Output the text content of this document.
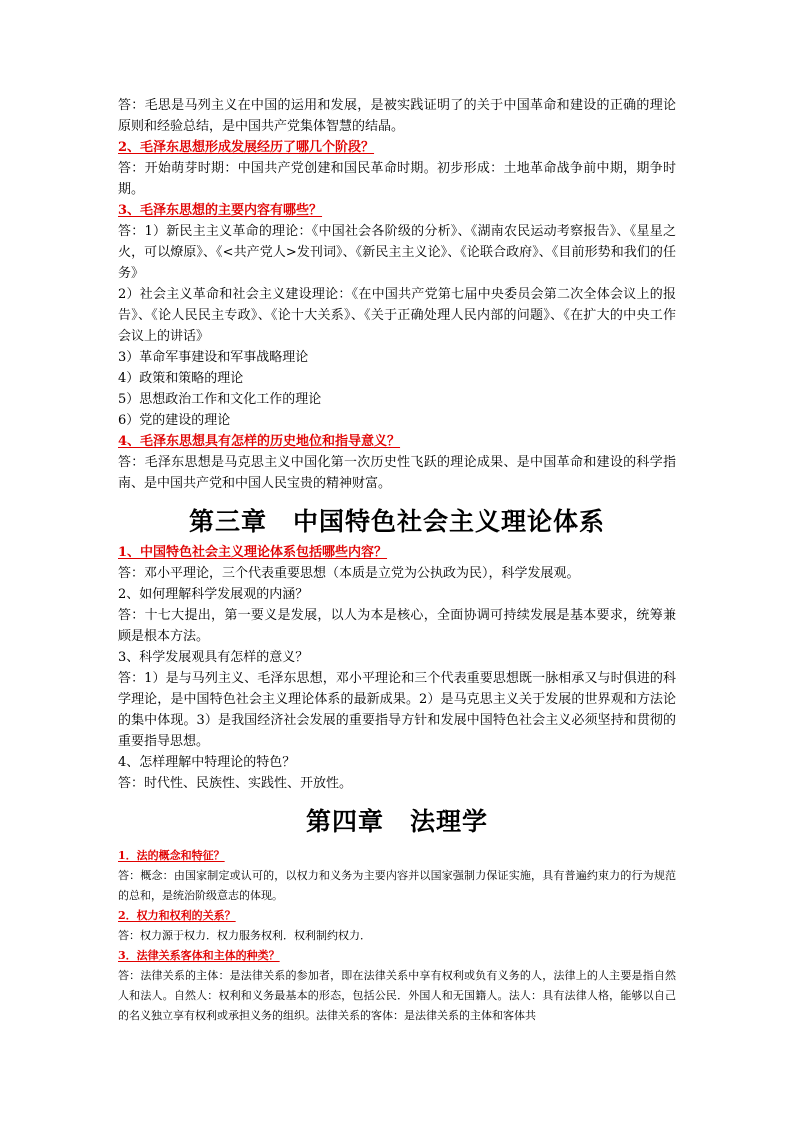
答：毛思是马列主义在中国的运用和发展，是被实践证明了的关于中国革命和建设的正确的理论原则和经验总结，是中国共产党集体智慧的结晶。

2、毛泽东思想形成发展经历了哪几个阶段？

答：开始萌芽时期：中国共产党创建和国民革命时期。初步形成：土地革命战争前中期，期争时期。

3、毛泽东思想的主要内容有哪些？

答：1）新民主主义革命的理论：《中国社会各阶级的分析》、《湖南农民运动考察报告》、《星星之火，可以燎原》、《<共产党人>发刊词》、《新民主主义论》、《论联合政府》、《目前形势和我们的任务》

2）社会主义革命和社会主义建设理论：《在中国共产党第七届中央委员会第二次全体会议上的报告》、《论人民民主专政》、《论十大关系》、《关于正确处理人民内部的问题》、《在扩大的中央工作会议上的讲话》

3）革命军事建设和军事战略理论

4）政策和策略的理论

5）思想政治工作和文化工作的理论

6）党的建设的理论

4、毛泽东思想具有怎样的历史地位和指导意义？

答：毛泽东思想是马克思主义中国化第一次历史性飞跃的理论成果、是中国革命和建设的科学指南、是中国共产党和中国人民宝贵的精神财富。

第三章　中国特色社会主义理论体系

1、中国特色社会主义理论体系包括哪些内容？

答：邓小平理论，三个代表重要思想（本质是立党为公执政为民），科学发展观。

2、如何理解科学发展观的内涵？

答：十七大提出，第一要义是发展，以人为本是核心，全面协调可持续发展是基本要求，统筹兼顾是根本方法。

3、科学发展观具有怎样的意义？

答：1）是与马列主义、毛泽东思想，邓小平理论和三个代表重要思想既一脉相承又与时俱进的科学理论，是中国特色社会主义理论体系的最新成果。2）是马克思主义关于发展的世界观和方法论的集中体现。3）是我国经济社会发展的重要指导方针和发展中国特色社会主义必须坚持和贯彻的重要指导思想。

4、怎样理解中特理论的特色？

答：时代性、民族性、实践性、开放性。

第四章　法理学

1．法的概念和特征？

答：概念：由国家制定或认可的，以权力和义务为主要内容并以国家强制力保证实施，具有普遍约束力的行为规范的总和，是统治阶级意志的体现。

2．权力和权利的关系？

答：权力源于权力．权力服务权利．权利制约权力．

3．法律关系客体和主体的种类？

答：法律关系的主体：是法律关系的参加者，即在法律关系中享有权利或负有义务的人，法律上的人主要是指自然人和法人。自然人：权利和义务最基本的形态，包括公民．外国人和无国籍人。法人：具有法律人格，能够以自己的名义独立享有权利或承担义务的组织。法律关系的客体：是法律关系的主体和客体共
